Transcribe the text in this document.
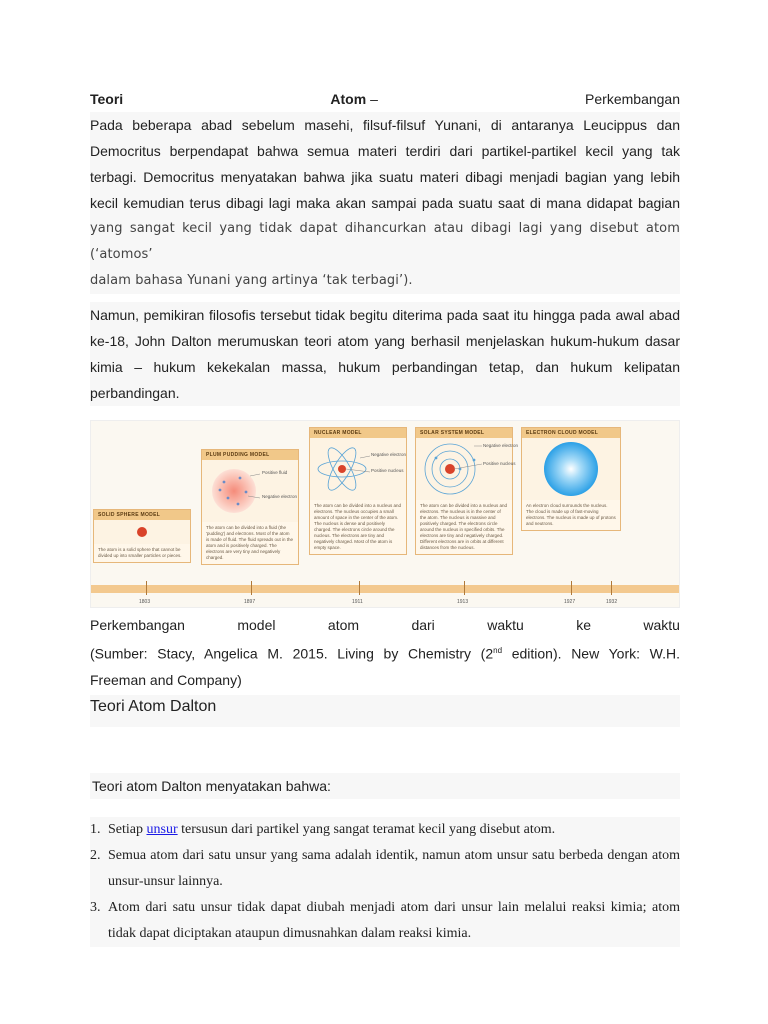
Teori	Atom –	Perkembangan
Pada beberapa abad sebelum masehi, filsuf-filsuf Yunani, di antaranya Leucippus dan
Democritus berpendapat bahwa semua materi terdiri dari partikel-partikel kecil yang tak
terbagi. Democritus menyatakan bahwa jika suatu materi dibagi menjadi bagian yang lebih
kecil kemudian terus dibagi lagi maka akan sampai pada suatu saat di mana didapat bagian
yang sangat kecil yang tidak dapat dihancurkan atau dibagi lagi yang disebut atom (‘atomos’
dalam bahasa Yunani yang artinya ‘tak terbagi’).
Namun, pemikiran filosofis tersebut tidak begitu diterima pada saat itu hingga pada awal abad
ke-18, John Dalton merumuskan teori atom yang berhasil menjelaskan hukum-hukum dasar
kimia – hukum kekekalan massa, hukum perbandingan tetap, dan hukum kelipatan
perbandingan.
SOLID SPHERE MODEL
The atom is a solid sphere that cannot be divided up into smaller particles or pieces.
PLUM PUDDING MODEL
Positive fluid
Negative electron
The atom can be divided into a fluid (the 'pudding') and electrons. Most of the atom is made of fluid. The fluid spreads out in the atom and is positively charged. The electrons are very tiny and negatively charged.
NUCLEAR MODEL
Negative electron
Positive nucleus
The atom can be divided into a nucleus and electrons. The nucleus occupies a small amount of space in the center of the atom. The nucleus is dense and positively charged. The electrons circle around the nucleus. The electrons are tiny and negatively charged. Most of the atom is empty space.
SOLAR SYSTEM MODEL
Negative electron
Positive nucleus
The atom can be divided into a nucleus and electrons. The nucleus is in the center of the atom. The nucleus is massive and positively charged. The electrons circle around the nucleus in specified orbits. The electrons are tiny and negatively charged. Different electrons are in orbits at different distances from the nucleus.
ELECTRON CLOUD MODEL
An electron cloud surrounds the nucleus. The cloud is made up of fast-moving electrons. The nucleus is made up of protons and neutrons.
1803	1897	1911	1913	1927	1932
Perkembangan	model	atom	dari	waktu	ke	waktu
(Sumber: Stacy, Angelica M. 2015. Living by Chemistry (2nd edition). New York: W.H.
Freeman and Company)
Teori Atom Dalton
Teori atom Dalton menyatakan bahwa:
1. Setiap unsur tersusun dari partikel yang sangat teramat kecil yang disebut atom.
2. Semua atom dari satu unsur yang sama adalah identik, namun atom unsur satu berbeda dengan atom unsur-unsur lainnya.
3. Atom dari satu unsur tidak dapat diubah menjadi atom dari unsur lain melalui reaksi kimia; atom tidak dapat diciptakan ataupun dimusnahkan dalam reaksi kimia.
